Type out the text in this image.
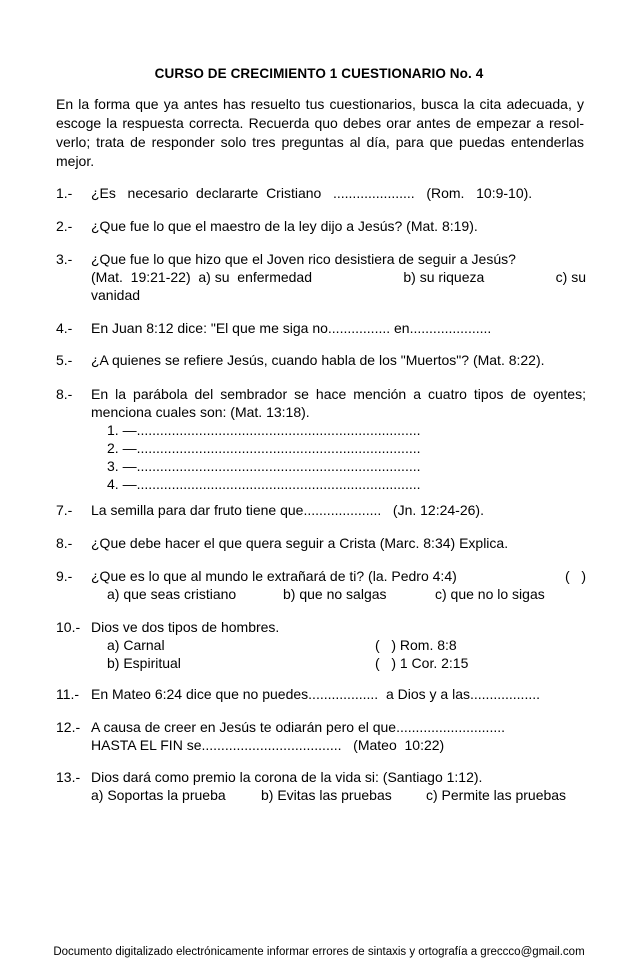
CURSO DE CRECIMIENTO 1 CUESTIONARIO No. 4
En la forma que ya antes has resuelto tus cuestionarios, busca la cita adecuada, y escoge la respuesta correcta. Recuerda quo debes orar antes de empezar a resol-verlo; trata de responder solo tres preguntas al día, para que puedas entenderlas mejor.
1.- ¿Es   necesario  declararte  Cristiano   .....................   (Rom.   10:9-10).
2.- ¿Que fue lo que el maestro de la ley dijo a Jesús? (Mat. 8:19).
3.- ¿Que fue lo que hizo que el Joven rico desistiera de seguir a Jesús?
(Mat.  19:21-22)  a) su  enfermedad	b) su riqueza	c) su
vanidad
4.- En Juan 8:12 dice: "El que me siga no................ en.....................
5.- ¿A quienes se refiere Jesús, cuando habla de los "Muertos"? (Mat. 8:22).
8.- En la parábola del sembrador se hace mención a cuatro tipos de oyentes; menciona cuales son: (Mat. 13:18).
1. —.........................................................................
2. —.........................................................................
3. —.........................................................................
4. —.........................................................................
7.- La semilla para dar fruto tiene que....................   (Jn. 12:24-26).
8.- ¿Que debe hacer el que quera seguir a Crista (Marc. 8:34) Explica.
9.- ¿Que es lo que al mundo le extrañará de ti? (la. Pedro 4:4)	(   )
a) que seas cristiano	b) que no salgas	c) que no lo sigas
10.- Dios ve dos tipos de hombres.
a) Carnal	(   ) Rom. 8:8
b) Espiritual	(   ) 1 Cor. 2:15
11.- En Mateo 6:24 dice que no puedes..................  a Dios y a las..................
12.- A causa de creer en Jesús te odiarán pero el que............................
HASTA EL FIN se....................................   (Mateo  10:22)
13.- Dios dará como premio la corona de la vida si: (Santiago 1:12).
a) Soportas la prueba	b) Evitas las pruebas	c) Permite las pruebas
Documento digitalizado electrónicamente informar errores de sintaxis y ortografía a greccco@gmail.com
